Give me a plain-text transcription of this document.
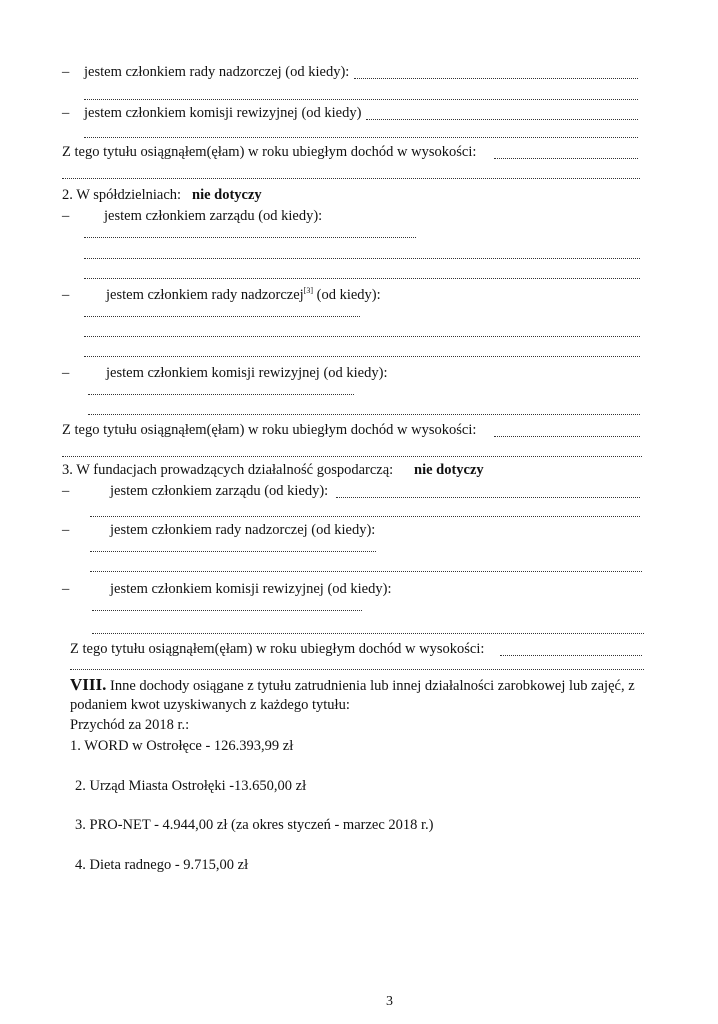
– jestem członkiem rady nadzorczej (od kiedy):
– jestem członkiem komisji rewizyjnej (od kiedy)
Z tego tytułu osiągnąłem(ęłam) w roku ubiegłym dochód w wysokości:
2. W spółdzielniach: nie dotyczy
– jestem członkiem zarządu (od kiedy):
–	jestem członkiem rady nadzorczej[3] (od kiedy):
–	jestem członkiem komisji rewizyjnej (od kiedy):
Z tego tytułu osiągnąłem(ęłam) w roku ubiegłym dochód w wysokości:
3. W fundacjach prowadzących działalność gospodarczą: nie dotyczy
–	jestem członkiem zarządu (od kiedy):
–	jestem członkiem rady nadzorczej (od kiedy):
–	jestem członkiem komisji rewizyjnej (od kiedy):
Z tego tytułu osiągnąłem(ęłam) w roku ubiegłym dochód w wysokości:
VIII. Inne dochody osiągane z tytułu zatrudnienia lub innej działalności zarobkowej lub zajęć, z
podaniem kwot uzyskiwanych z każdego tytułu:
Przychód za 2018 r.:
1. WORD w Ostrołęce - 126.393,99 zł
2. Urząd Miasta Ostrołęki -13.650,00 zł
3. PRO-NET - 4.944,00 zł (za okres styczeń - marzec 2018 r.)
4. Dieta radnego - 9.715,00 zł
3
